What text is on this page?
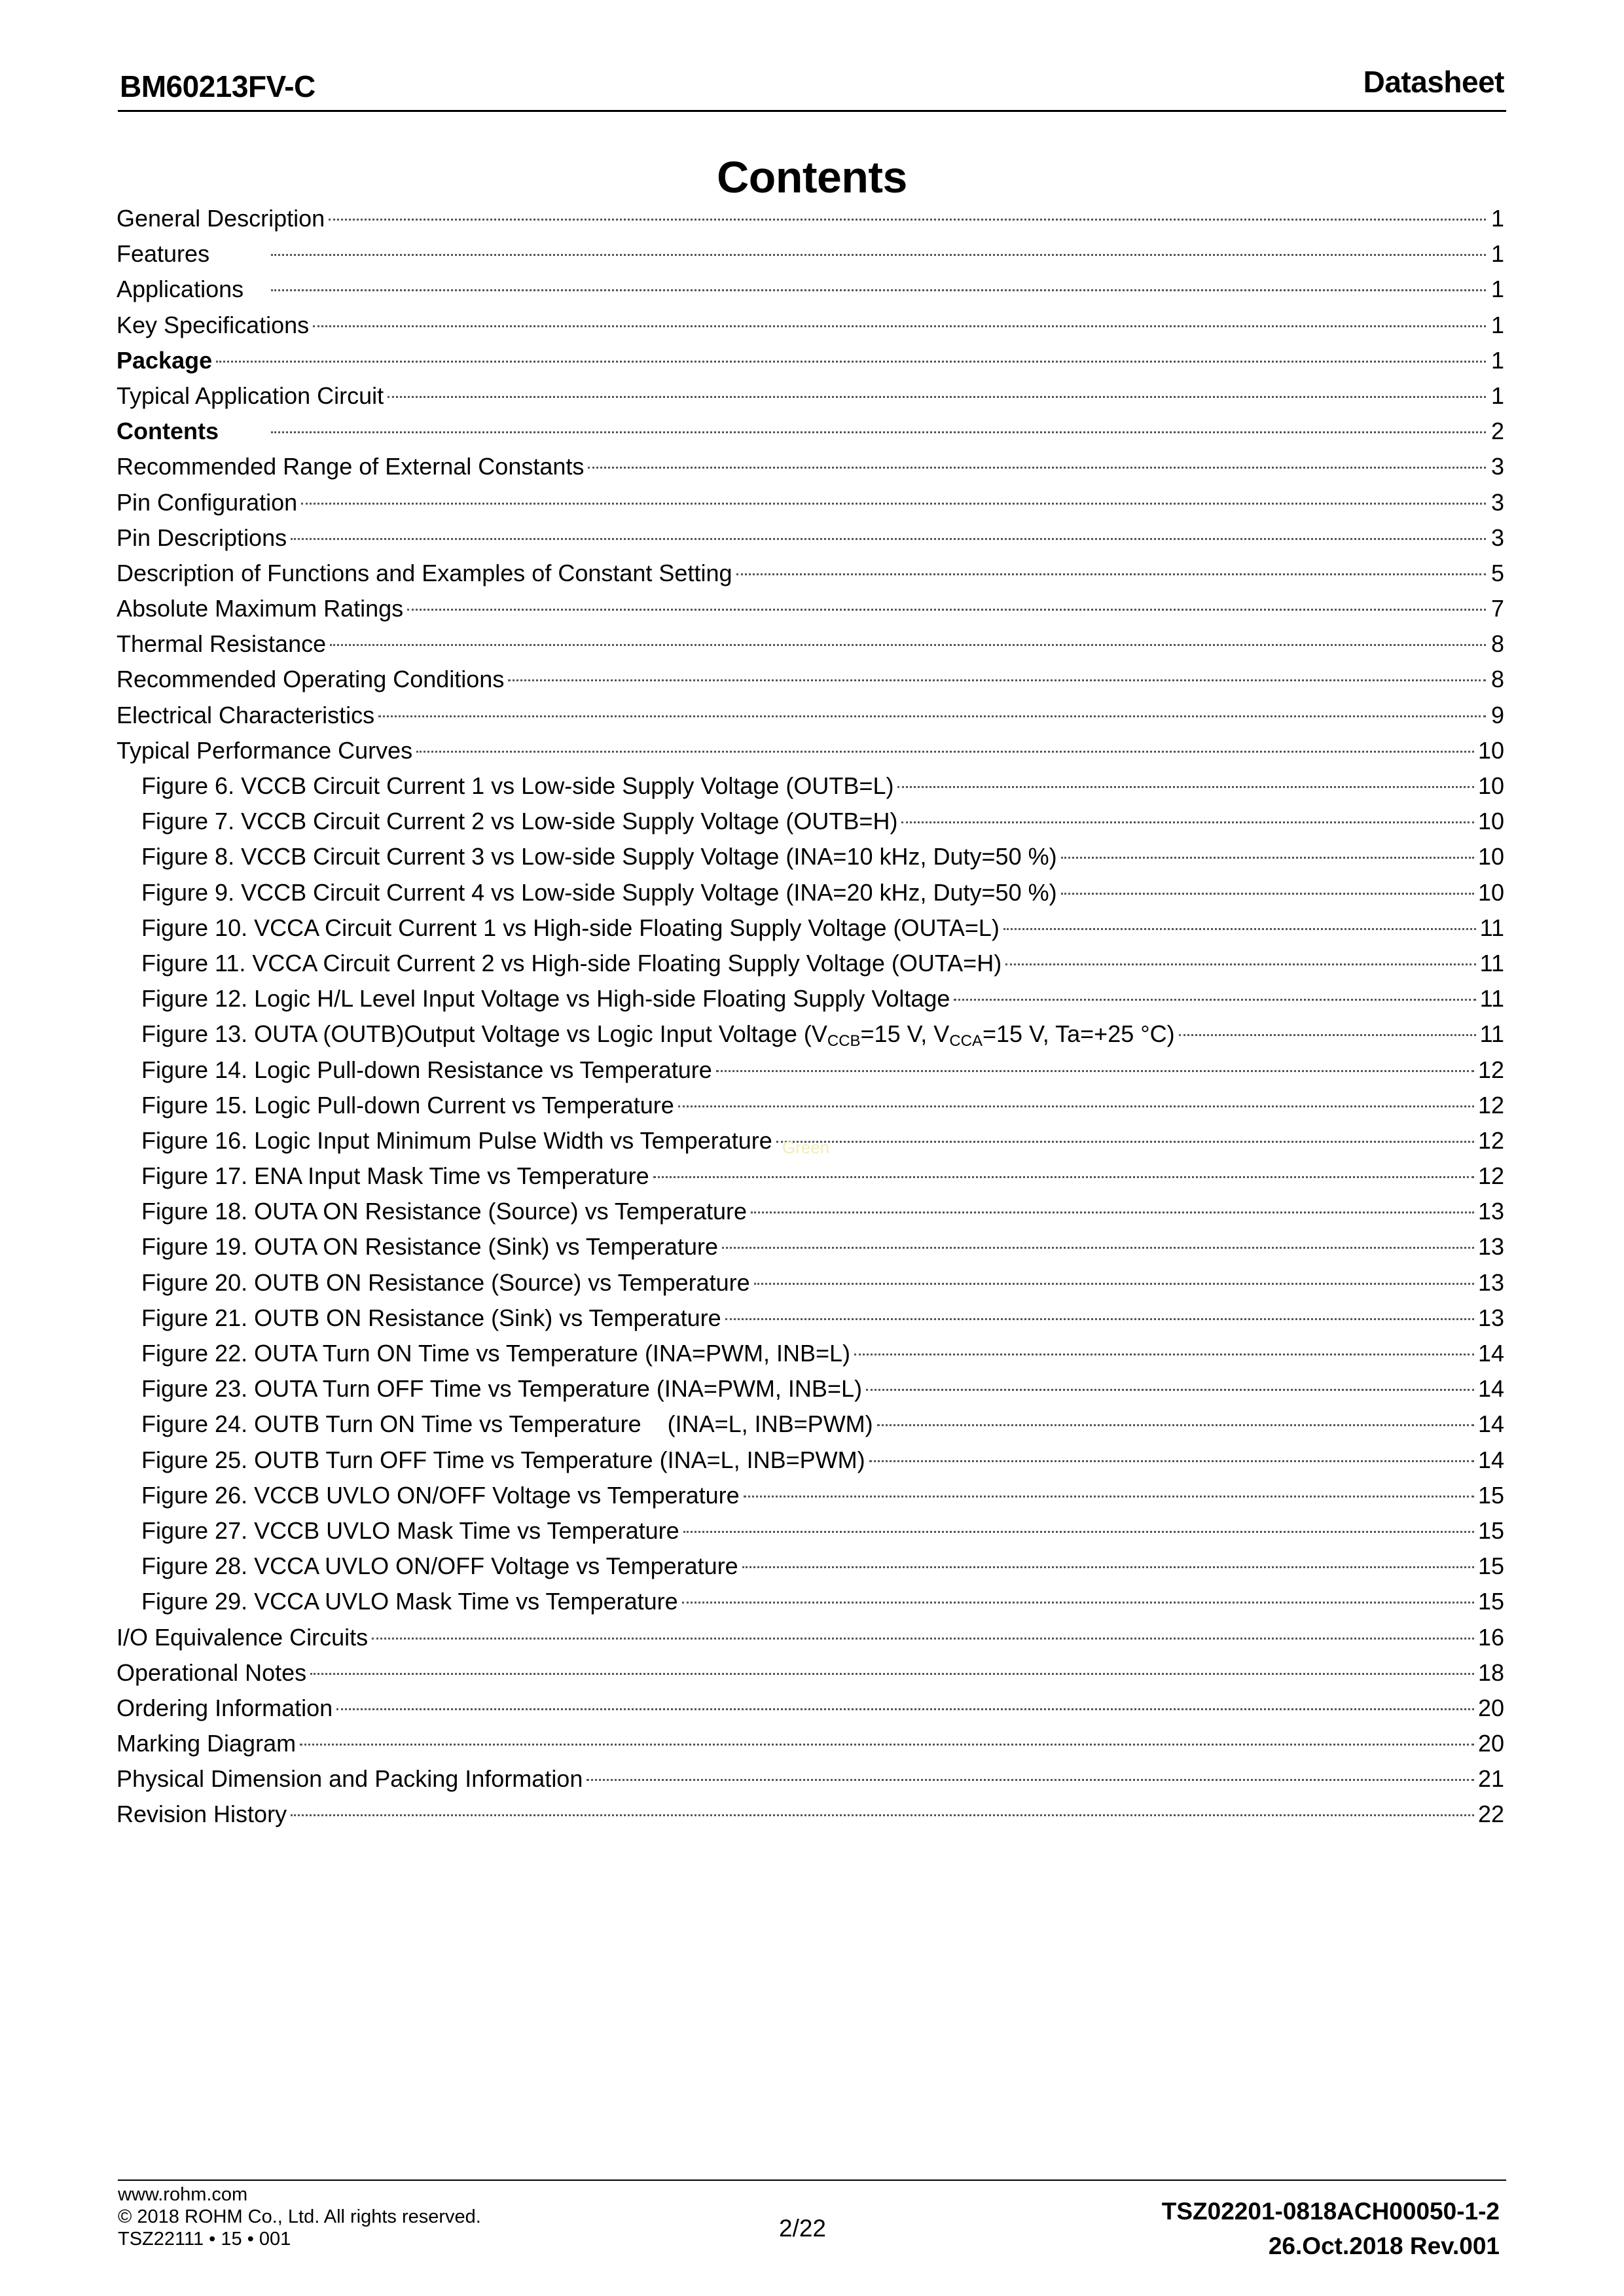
BM60213FV-C	Datasheet
Contents
General Description	1
Features	1
Applications	1
Key Specifications	1
Package	1
Typical Application Circuit	1
Contents	2
Recommended Range of External Constants	3
Pin Configuration	3
Pin Descriptions	3
Description of Functions and Examples of Constant Setting	5
Absolute Maximum Ratings	7
Thermal Resistance	8
Recommended Operating Conditions	8
Electrical Characteristics	9
Typical Performance Curves	10
Figure 6. VCCB Circuit Current 1 vs Low-side Supply Voltage (OUTB=L)	10
Figure 7. VCCB Circuit Current 2 vs Low-side Supply Voltage (OUTB=H)	10
Figure 8. VCCB Circuit Current 3 vs Low-side Supply Voltage (INA=10 kHz, Duty=50 %)	10
Figure 9. VCCB Circuit Current 4 vs Low-side Supply Voltage (INA=20 kHz, Duty=50 %)	10
Figure 10. VCCA Circuit Current 1 vs High-side Floating Supply Voltage (OUTA=L)	11
Figure 11. VCCA Circuit Current 2 vs High-side Floating Supply Voltage (OUTA=H)	11
Figure 12. Logic H/L Level Input Voltage vs High-side Floating Supply Voltage	11
Figure 13. OUTA (OUTB)Output Voltage vs Logic Input Voltage (VCCB=15 V, VCCA=15 V, Ta=+25 °C)	11
Figure 14. Logic Pull-down Resistance vs Temperature	12
Figure 15. Logic Pull-down Current vs Temperature	12
Figure 16. Logic Input Minimum Pulse Width vs Temperature	12
Figure 17. ENA Input Mask Time vs Temperature	12
Figure 18. OUTA ON Resistance (Source) vs Temperature	13
Figure 19. OUTA ON Resistance (Sink) vs Temperature	13
Figure 20. OUTB ON Resistance (Source) vs Temperature	13
Figure 21. OUTB ON Resistance (Sink) vs Temperature	13
Figure 22. OUTA Turn ON Time vs Temperature (INA=PWM, INB=L)	14
Figure 23. OUTA Turn OFF Time vs Temperature (INA=PWM, INB=L)	14
Figure 24. OUTB Turn ON Time vs Temperature    (INA=L, INB=PWM)	14
Figure 25. OUTB Turn OFF Time vs Temperature (INA=L, INB=PWM)	14
Figure 26. VCCB UVLO ON/OFF Voltage vs Temperature	15
Figure 27. VCCB UVLO Mask Time vs Temperature	15
Figure 28. VCCA UVLO ON/OFF Voltage vs Temperature	15
Figure 29. VCCA UVLO Mask Time vs Temperature	15
I/O Equivalence Circuits	16
Operational Notes	18
Ordering Information	20
Marking Diagram	20
Physical Dimension and Packing Information	21
Revision History	22
Green
www.rohm.com
© 2018 ROHM Co., Ltd. All rights reserved.
TSZ22111 • 15 • 001	2/22
TSZ02201-0818ACH00050-1-2
26.Oct.2018 Rev.001
